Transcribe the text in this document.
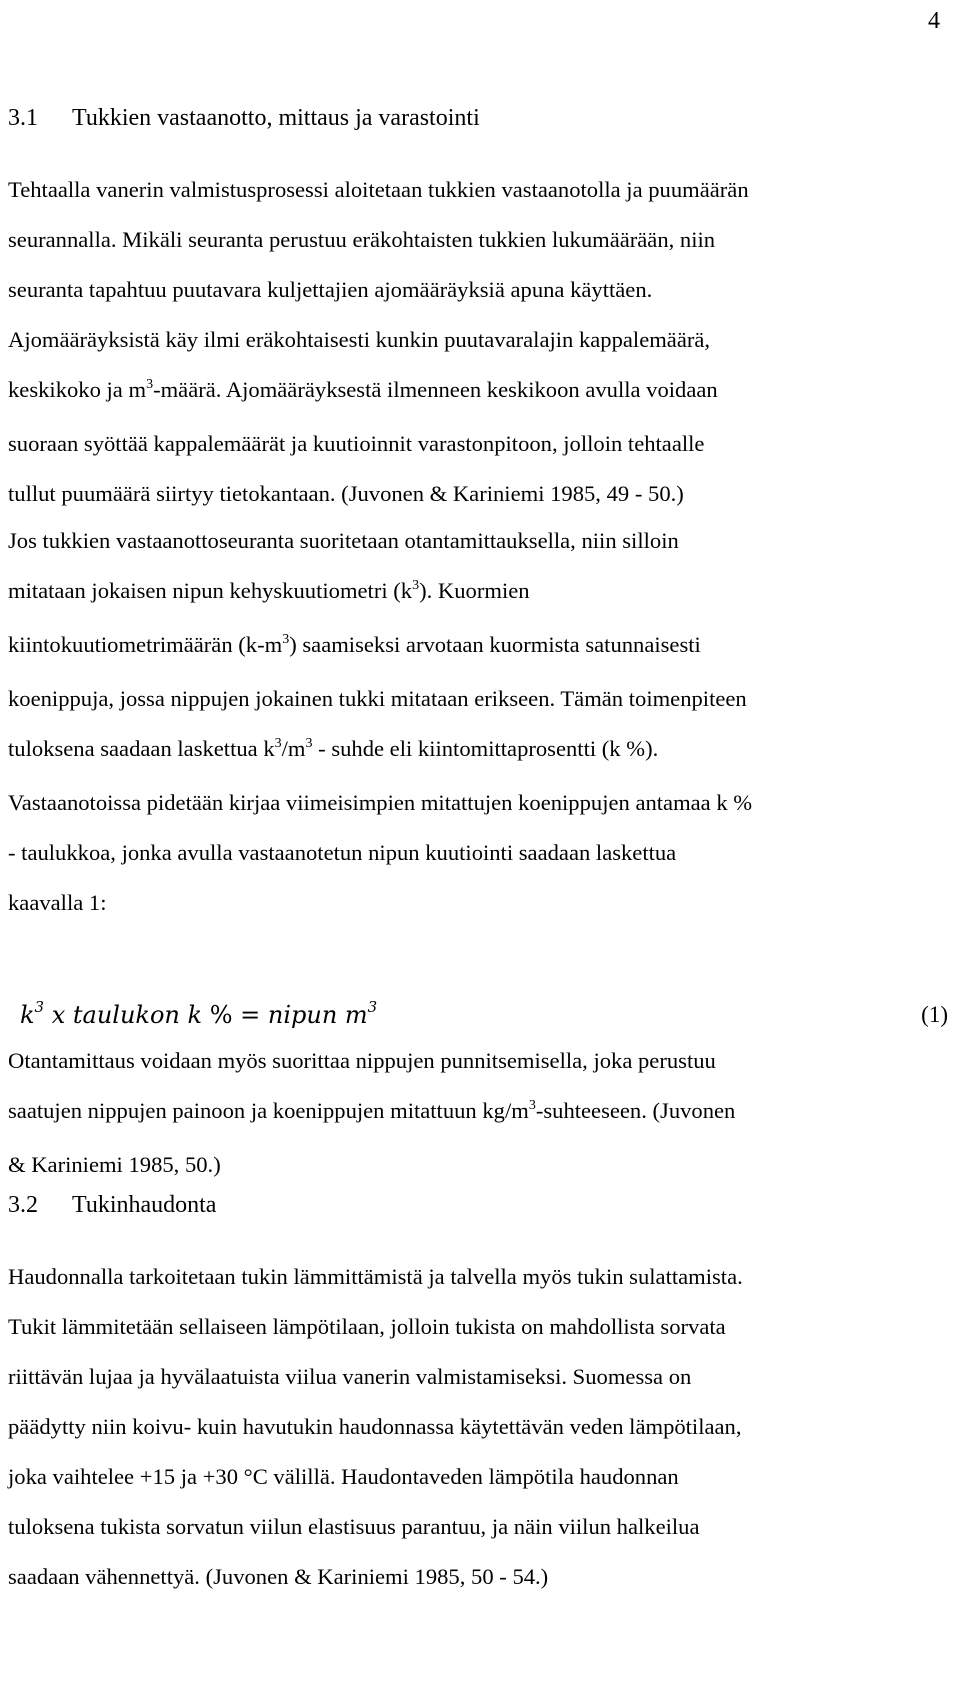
4
3.1 Tukkien vastaanotto, mittaus ja varastointi

Tehtaalla vanerin valmistusprosessi aloitetaan tukkien vastaanotolla ja puumäärän
seurannalla. Mikäli seuranta perustuu eräkohtaisten tukkien lukumäärään, niin
seuranta tapahtuu puutavara kuljettajien ajomääräyksiä apuna käyttäen.
Ajomääräyksistä käy ilmi eräkohtaisesti kunkin puutavaralajin kappalemäärä,
keskikoko ja $m^3$-määrä. Ajomääräyksestä ilmenneen keskikoon avulla voidaan
suoraan syöttää kappalemäärät ja kuutioinnit varastonpitoon, jolloin tehtaalle
tullut puumäärä siirtyy tietokantaan. (Juvonen & Kariniemi 1985, 49 - 50.)

Jos tukkien vastaanottoseuranta suoritetaan otantamittauksella, niin silloin
mitataan jokaisen nipun kehyskuutiometri $(k^3)$. Kuormien
kiintokuutiometrimäärän $(k-m^3)$ saamiseksi arvotaan kuormista satunnaisesti
koenippuja, jossa nippujen jokainen tukki mitataan erikseen. Tämän toimenpiteen
tuloksena saadaan laskettua $k^3/m^3$ - suhde eli kiintomittaprosentti (k %).
Vastaanotoissa pidetään kirjaa viimeisimpien mitattujen koenippujen antamaa k %
- taulukkoa, jonka avulla vastaanotetun nipun kuutiointi saadaan laskettua
kaavalla 1:

$k^3$ x taulukon k % = nipun $m^3$	(1)

Otantamittaus voidaan myös suorittaa nippujen punnitsemisella, joka perustuu
saatujen nippujen painoon ja koenippujen mitattuun $kg/m^3$-suhteeseen. (Juvonen
& Kariniemi 1985, 50.)

3.2 Tukinhaudonta

Haudonnalla tarkoitetaan tukin lämmittämistä ja talvella myös tukin sulattamista.
Tukit lämmitetään sellaiseen lämpötilaan, jolloin tukista on mahdollista sorvata
riittävän lujaa ja hyvälaatuista viilua vanerin valmistamiseksi. Suomessa on
päädytty niin koivu- kuin havutukin haudonnassa käytettävän veden lämpötilaan,
joka vaihtelee +15 ja +30 °C välillä. Haudontaveden lämpötila haudonnan
tuloksena tukista sorvatun viilun elastisuus parantuu, ja näin viilun halkeilua
saadaan vähennettyä. (Juvonen & Kariniemi 1985, 50 - 54.)
